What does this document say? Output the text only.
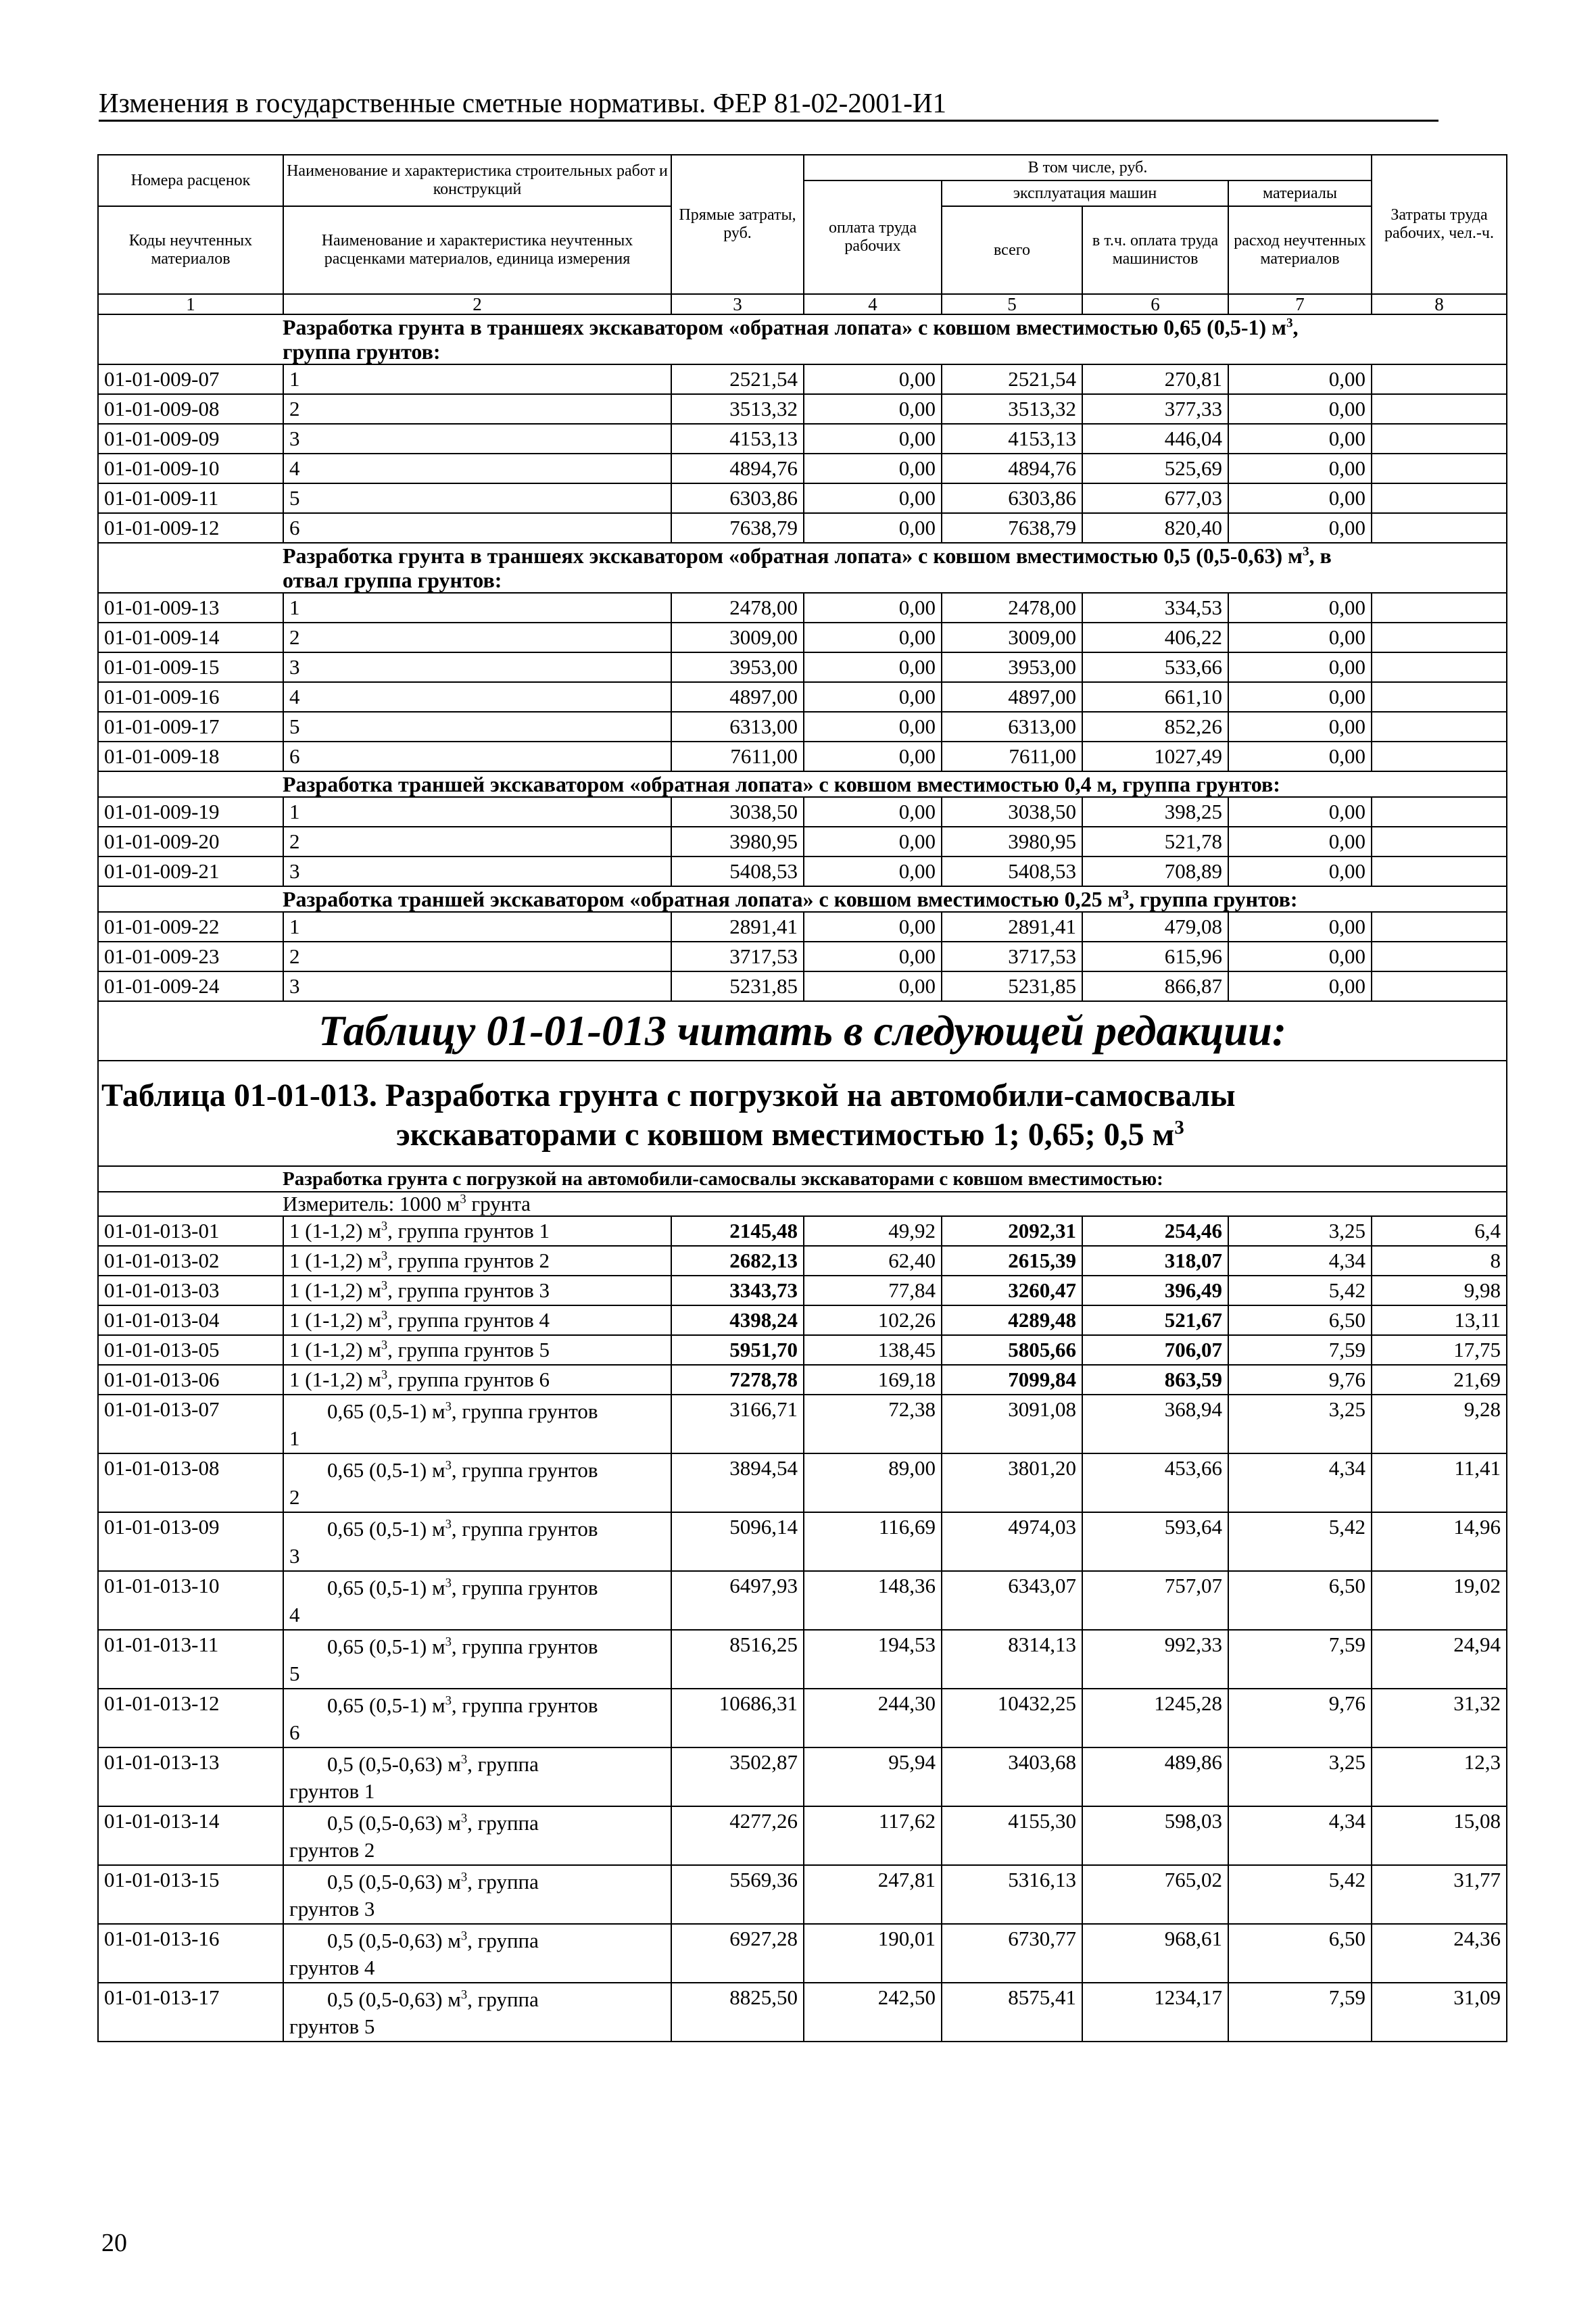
Изменения в государственные сметные нормативы. ФЕР 81-02-2001-И1
Номера расценок	Наименование и характеристика строительных работ и конструкций	Прямые затраты, руб.	В том числе, руб.				Затраты труда рабочих, чел.-ч.
			оплата труда рабочих	эксплуатация машин		материалы	
Коды неучтенных материалов	Наименование и характеристика неучтенных расценками материалов, единица измерения			всего	в т.ч. оплата труда машинистов	расход неучтенных материалов	

1	2	3	4	5	6	7	8
Разработка грунта в траншеях экскаватором «обратная лопата» с ковшом вместимостью 0,65 (0,5-1) $м^3$,							
группа грунтов:							
01-01-009-07	1	2521,54	0,00	2521,54	270,81	0,00	
01-01-009-08	2	3513,32	0,00	3513,32	377,33	0,00	
01-01-009-09	3	4153,13	0,00	4153,13	446,04	0,00	
01-01-009-10	4	4894,76	0,00	4894,76	525,69	0,00	
01-01-009-11	5	6303,86	0,00	6303,86	677,03	0,00	
01-01-009-12	6	7638,79	0,00	7638,79	820,40	0,00	
Разработка грунта в траншеях экскаватором «обратная лопата» с ковшом вместимостью 0,5 (0,5-0,63) $м^3$, в							
отвал группа грунтов:							
01-01-009-13	1	2478,00	0,00	2478,00	334,53	0,00	
01-01-009-14	2	3009,00	0,00	3009,00	406,22	0,00	
01-01-009-15	3	3953,00	0,00	3953,00	533,66	0,00	
01-01-009-16	4	4897,00	0,00	4897,00	661,10	0,00	
01-01-009-17	5	6313,00	0,00	6313,00	852,26	0,00	
01-01-009-18	6	7611,00	0,00	7611,00	1027,49	0,00	
Разработка траншей экскаватором «обратная лопата» с ковшом вместимостью 0,4 м, группа грунтов:							
01-01-009-19	1	3038,50	0,00	3038,50	398,25	0,00	
01-01-009-20	2	3980,95	0,00	3980,95	521,78	0,00	
01-01-009-21	3	5408,53	0,00	5408,53	708,89	0,00	
Разработка траншей экскаватором «обратная лопата» с ковшом вместимостью 0,25 $м^3$, группа грунтов:							
01-01-009-22	1	2891,41	0,00	2891,41	479,08	0,00	
01-01-009-23	2	3717,53	0,00	3717,53	615,96	0,00	
01-01-009-24	3	5231,85	0,00	5231,85	866,87	0,00	
Таблицу 01-01-013 читать в следующей редакции:							

Таблица 01-01-013. Разработка грунта с погрузкой на автомобили-самосвалы
экскаваторами с ковшом вместимостью 1; 0,65; 0,5 $м^3$

Разработка грунта с погрузкой на автомобили-самосвалы экскаваторами с ковшом вместимостью:							
Измеритель: 1000 $м^3$ грунта							
01-01-013-01	1 (1-1,2) $м^3$, группа грунтов 1	2145,48	49,92	2092,31	254,46	3,25	6,4
01-01-013-02	1 (1-1,2) $м^3$, группа грунтов 2	2682,13	62,40	2615,39	318,07	4,34	8
01-01-013-03	1 (1-1,2) $м^3$, группа грунтов 3	3343,73	77,84	3260,47	396,49	5,42	9,98
01-01-013-04	1 (1-1,2) $м^3$, группа грунтов 4	4398,24	102,26	4289,48	521,67	6,50	13,11
01-01-013-05	1 (1-1,2) $м^3$, группа грунтов 5	5951,70	138,45	5805,66	706,07	7,59	17,75
01-01-013-06	1 (1-1,2) $м^3$, группа грунтов 6	7278,78	169,18	7099,84	863,59	9,76	21,69
01-01-013-07	0,65 (0,5-1) $м^3$, группа грунтов
1	3166,71	72,38	3091,08	368,94	3,25	9,28
01-01-013-08	0,65 (0,5-1) $м^3$, группа грунтов
2	3894,54	89,00	3801,20	453,66	4,34	11,41
01-01-013-09	0,65 (0,5-1) $м^3$, группа грунтов
3	5096,14	116,69	4974,03	593,64	5,42	14,96
01-01-013-10	0,65 (0,5-1) $м^3$, группа грунтов
4	6497,93	148,36	6343,07	757,07	6,50	19,02
01-01-013-11	0,65 (0,5-1) $м^3$, группа грунтов
5	8516,25	194,53	8314,13	992,33	7,59	24,94
01-01-013-12	0,65 (0,5-1) $м^3$, группа грунтов
6	10686,31	244,30	10432,25	1245,28	9,76	31,32
01-01-013-13	0,5 (0,5-0,63) $м^3$, группа
грунтов 1	3502,87	95,94	3403,68	489,86	3,25	12,3
01-01-013-14	0,5 (0,5-0,63) $м^3$, группа
грунтов 2	4277,26	117,62	4155,30	598,03	4,34	15,08
01-01-013-15	0,5 (0,5-0,63) $м^3$, группа
грунтов 3	5569,36	247,81	5316,13	765,02	5,42	31,77
01-01-013-16	0,5 (0,5-0,63) $м^3$, группа
грунтов 4	6927,28	190,01	6730,77	968,61	6,50	24,36
01-01-013-17	0,5 (0,5-0,63) $м^3$, группа
грунтов 5	8825,50	242,50	8575,41	1234,17	7,59	31,09
20
